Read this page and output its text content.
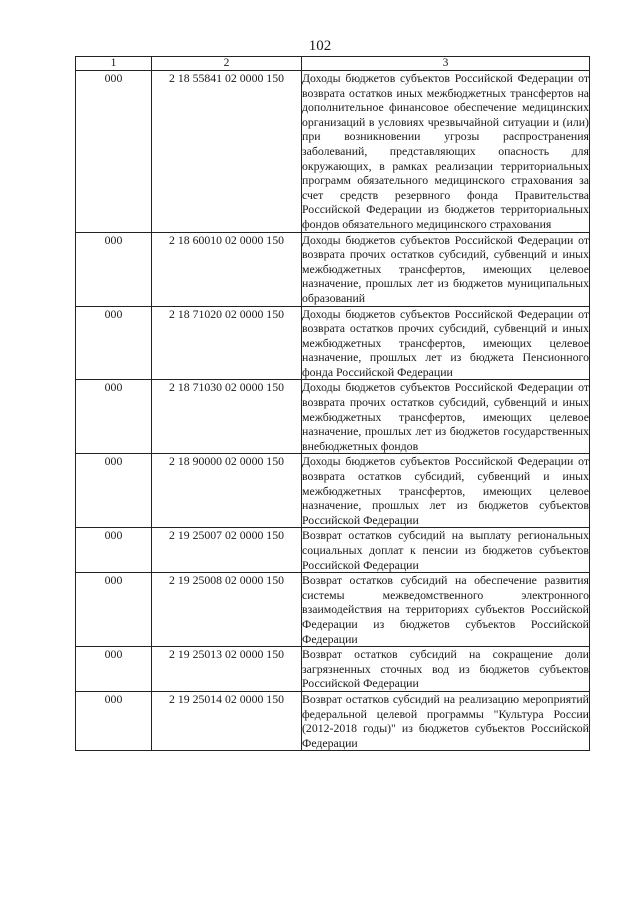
102
1	2	3
000	2 18 55841 02 0000 150	Доходы бюджетов субъектов Российской Федерации от возврата остатков иных межбюджетных трансфертов на дополнительное финансовое обеспечение медицинских организаций в условиях чрезвычайной ситуации и (или) при возникновении угрозы распространения заболеваний, представляющих опасность для окружающих, в рамках реализации территориальных программ обязательного медицинского страхования за счет средств резервного фонда Правительства Российской Федерации из бюджетов территориальных фондов обязательного медицинского страхования
000	2 18 60010 02 0000 150	Доходы бюджетов субъектов Российской Федерации от возврата прочих остатков субсидий, субвенций и иных межбюджетных трансфертов, имеющих целевое назначение, прошлых лет из бюджетов муниципальных образований
000	2 18 71020 02 0000 150	Доходы бюджетов субъектов Российской Федерации от возврата остатков прочих субсидий, субвенций и иных межбюджетных трансфертов, имеющих целевое назначение, прошлых лет из бюджета Пенсионного фонда Российской Федерации
000	2 18 71030 02 0000 150	Доходы бюджетов субъектов Российской Федерации от возврата прочих остатков субсидий, субвенций и иных межбюджетных трансфертов, имеющих целевое назначение, прошлых лет из бюджетов государственных внебюджетных фондов
000	2 18 90000 02 0000 150	Доходы бюджетов субъектов Российской Федерации от возврата остатков субсидий, субвенций и иных межбюджетных трансфертов, имеющих целевое назначение, прошлых лет из бюджетов субъектов Российской Федерации
000	2 19 25007 02 0000 150	Возврат остатков субсидий на выплату региональных социальных доплат к пенсии из бюджетов субъектов Российской Федерации
000	2 19 25008 02 0000 150	Возврат остатков субсидий на обеспечение развития системы межведомственного электронного взаимодействия на территориях субъектов Российской Федерации из бюджетов субъектов Российской Федерации
000	2 19 25013 02 0000 150	Возврат остатков субсидий на сокращение доли загрязненных сточных вод из бюджетов субъектов Российской Федерации
000	2 19 25014 02 0000 150	Возврат остатков субсидий на реализацию мероприятий федеральной целевой программы "Культура России (2012-2018 годы)" из бюджетов субъектов Российской Федерации
